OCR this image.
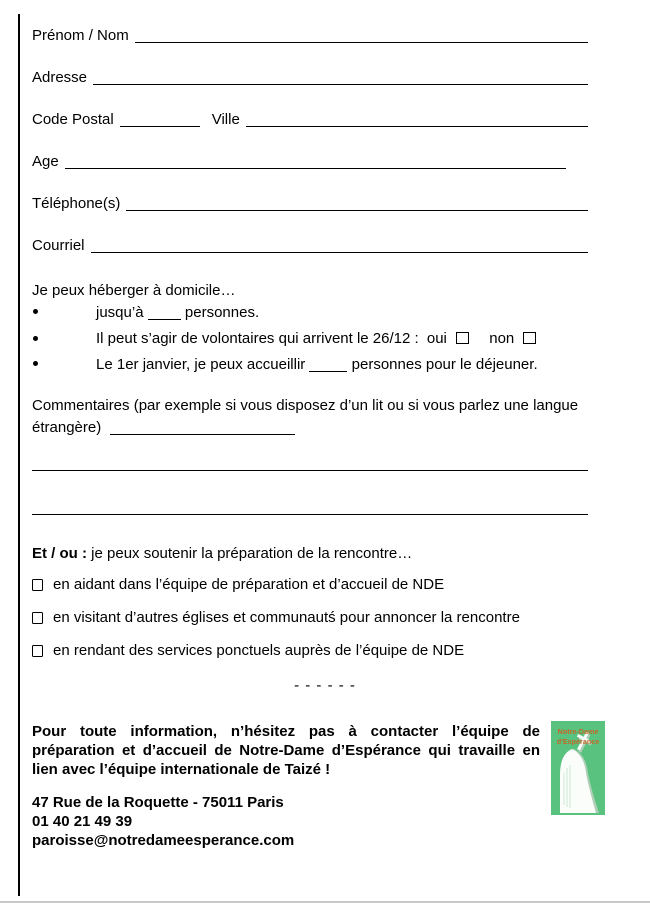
Prénom / Nom
Adresse
Code Postal	Ville
Age
Téléphone(s)
Courriel
Je peux héberger à domicile…
jusqu’à	personnes.
Il peut s’agir de volontaires qui arrivent le 26/12 : oui	non
Le 1er janvier, je peux accueillir	personnes pour le déjeuner.
Commentaires (par exemple si vous disposez d’un lit ou si vous parlez une langue
étrangère)
Et / ou : je peux soutenir la préparation de la rencontre…
en aidant dans l’équipe de préparation et d’accueil de NDE
en visitant d’autres églises et communautś pour annoncer la rencontre
en rendant des services ponctuels auprès de l’équipe de NDE
- - - - - -
Pour toute information, n’hésitez pas à contacter l’équipe de préparation et d’accueil de Notre-Dame d’Espérance qui travaille en lien avec l’équipe internationale de Taizé !
47 Rue de la Roquette - 75011 Paris
01 40 21 49 39
paroisse@notredameesperance.com
Notre-Dame
d'Espérance
